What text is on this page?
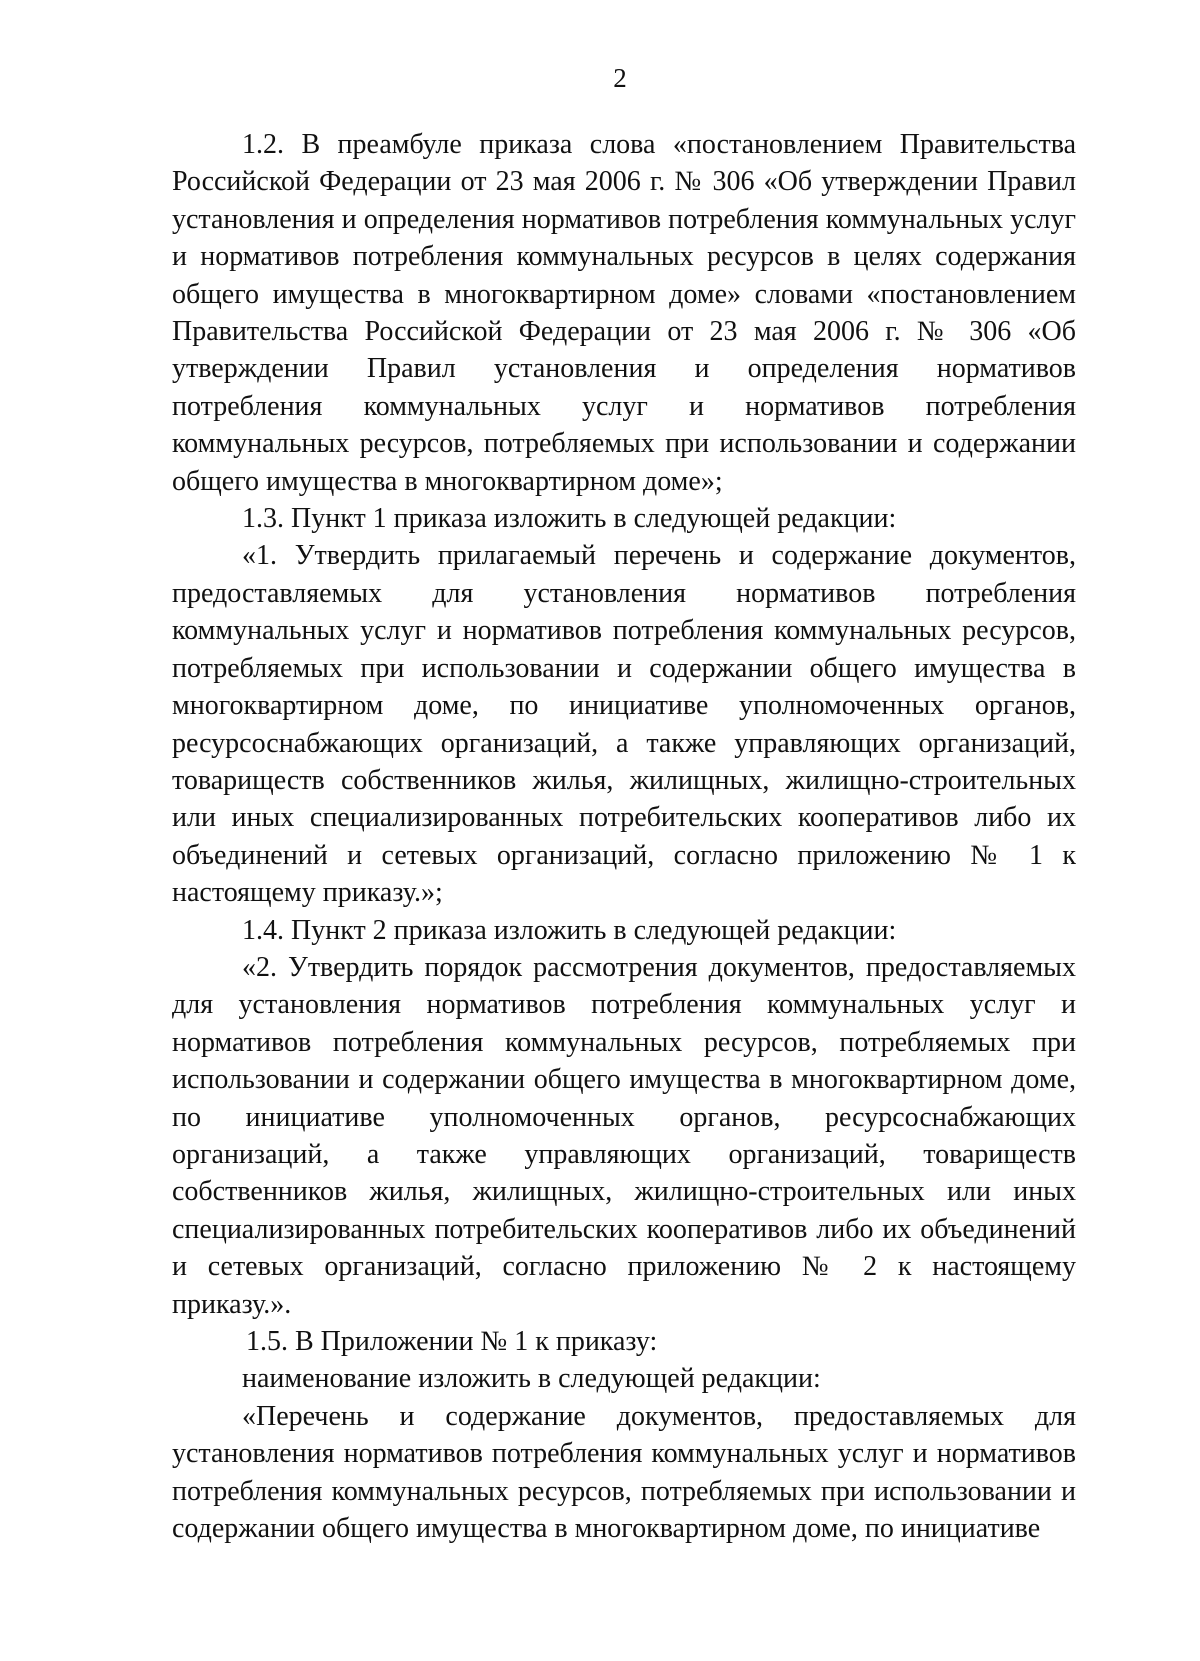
2

1.2. В преамбуле приказа слова «постановлением Правительства Российской Федерации от 23 мая 2006 г. № 306 «Об утверждении Правил установления и определения нормативов потребления коммунальных услуг и нормативов потребления коммунальных ресурсов в целях содержания общего имущества в многоквартирном доме» словами «постановлением Правительства Российской Федерации от 23 мая 2006 г. № 306 «Об утверждении Правил установления и определения нормативов потребления коммунальных услуг и нормативов потребления коммунальных ресурсов, потребляемых при использовании и содержании общего имущества в многоквартирном доме»;

1.3. Пункт 1 приказа изложить в следующей редакции:

«1. Утвердить прилагаемый перечень и содержание документов, предоставляемых для установления нормативов потребления коммунальных услуг и нормативов потребления коммунальных ресурсов, потребляемых при использовании и содержании общего имущества в многоквартирном доме, по инициативе уполномоченных органов, ресурсоснабжающих организаций, а также управляющих организаций, товариществ собственников жилья, жилищных, жилищно-строительных или иных специализированных потребительских кооперативов либо их объединений и сетевых организаций, согласно приложению № 1 к настоящему приказу.»;

1.4. Пункт 2 приказа изложить в следующей редакции:

«2. Утвердить порядок рассмотрения документов, предоставляемых для установления нормативов потребления коммунальных услуг и нормативов потребления коммунальных ресурсов, потребляемых при использовании и содержании общего имущества в многоквартирном доме, по инициативе уполномоченных органов, ресурсоснабжающих организаций, а также управляющих организаций, товариществ собственников жилья, жилищных, жилищно-строительных или иных специализированных потребительских кооперативов либо их объединений и сетевых организаций, согласно приложению № 2 к настоящему приказу.».

1.5. В Приложении № 1 к приказу:

наименование изложить в следующей редакции:

«Перечень и содержание документов, предоставляемых для установления нормативов потребления коммунальных услуг и нормативов потребления коммунальных ресурсов, потребляемых при использовании и содержании общего имущества в многоквартирном доме, по инициативе
